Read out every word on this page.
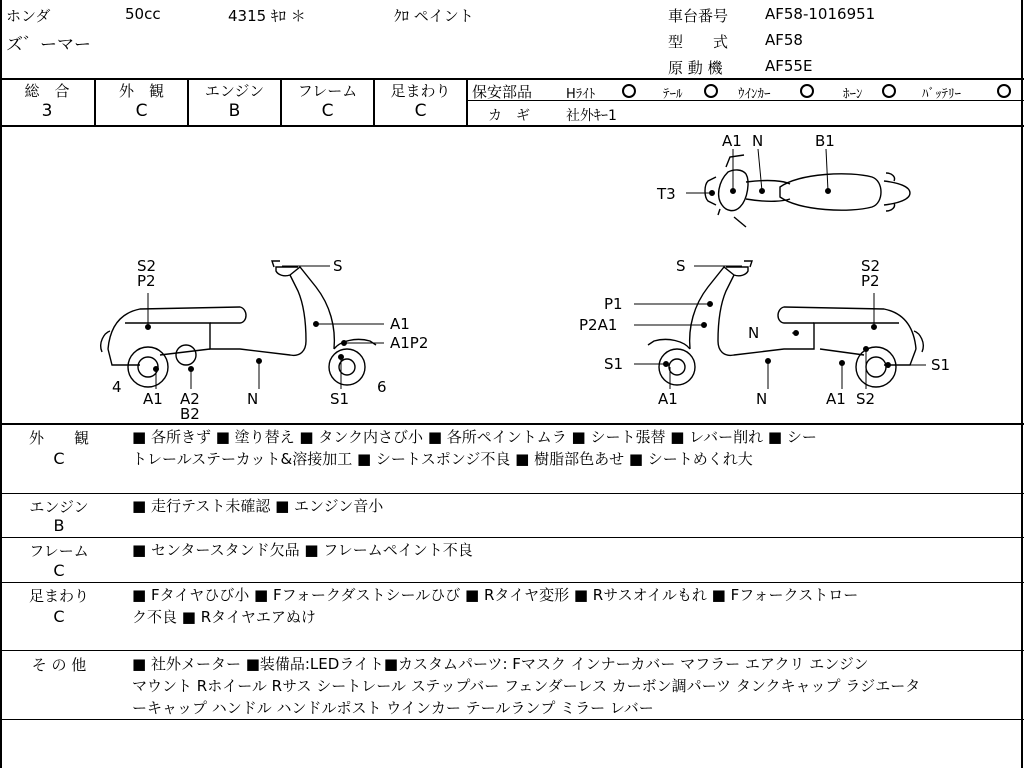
ホンダ	50cc	4315 ｷﾛ ＊	ｸﾛ ペイント
ズ゛ーマー
車台番号 AF58-1016951
型　　式 AF58
原 動 機	AF55E
総　合
3
外　観
C
エンジン
B
フレーム
C
足まわり
C
保安部品	Hﾗｲﾄ	ﾃｰﾙ	ｳｲﾝｶｰ	ﾎｰﾝ	ﾊﾞｯﾃﾘｰ
カ　ギ	社外ｷｰ1
A1 N	B1
T3
S2
P2
S
A1
A1P2
4
A1 A2
B2
N	S1
6
S	S2
P2
P1
P2A1	N
S1
A1	N	A1 S2
S1
外　　観
C

■ 各所きず ■ 塗り替え ■ タンク内さび小 ■ 各所ペイントムラ ■ シート張替 ■ レバー削れ ■ シー

トレールステーカット&溶接加工 ■ シートスポンジ不良 ■ 樹脂部色あせ ■ シートめくれ大

エンジン
B

■ 走行テスト未確認 ■ エンジン音小

フレーム
C

■ センタースタンド欠品 ■ フレームペイント不良

足まわり
C

■ Fタイヤひび小 ■ Fフォークダストシールひび ■ Rタイヤ変形 ■ Rサスオイルもれ ■ Fフォークストロー

ク不良 ■ Rタイヤエアぬけ

そ の 他	■ 社外メーター ■装備品:LEDライト■カスタムパーツ: Fマスク インナーカバー マフラー エアクリ エンジン

マウント Rホイール Rサス シートレール ステップバー フェンダーレス カーボン調パーツ タンクキャップ ラジエータ

ーキャップ ハンドル ハンドルポスト ウインカー テールランプ ミラー レバー
